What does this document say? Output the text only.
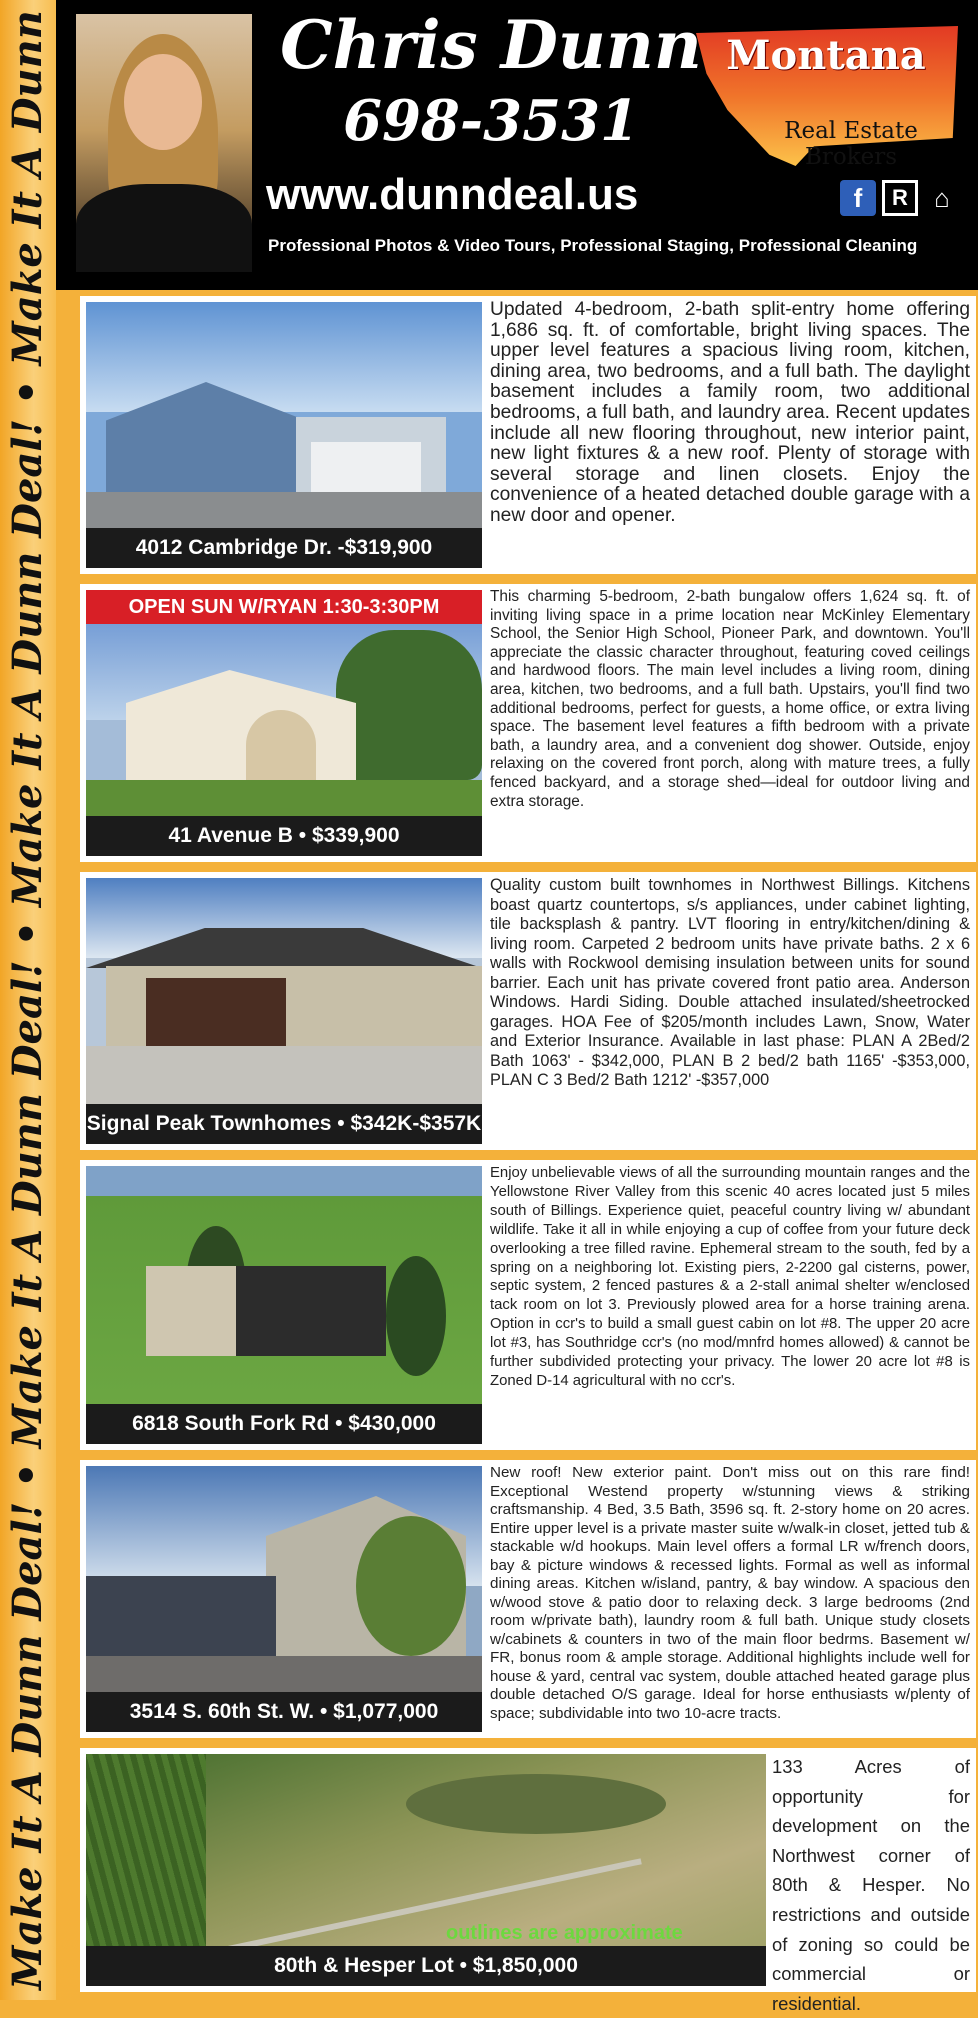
Make It A Dunn Deal! • Make It A Dunn Deal! • Make It A Dunn Deal! • Make It A Dunn	Chris Dunn
698-3531
www.dunndeal.us
Professional Photos & Video Tours, Professional Staging, Professional Cleaning
Montana
Real Estate Brokers
f R ⌂
4012 Cambridge Dr. -$319,900

Updated 4-bedroom, 2-bath split-entry home offering 1,686 sq. ft. of comfortable, bright living spaces. The upper level features a spacious living room, kitchen, dining area, two bedrooms, and a full bath. The daylight basement includes a family room, two additional bedrooms, a full bath, and laundry area. Recent updates include all new flooring throughout, new interior paint, new light fixtures & a new roof. Plenty of storage with several storage and linen closets. Enjoy the convenience of a heated detached double garage with a new door and opener.

OPEN SUN W/RYAN 1:30-3:30PM
41 Avenue B • $339,900

This charming 5-bedroom, 2-bath bungalow offers 1,624 sq. ft. of inviting living space in a prime location near McKinley Elementary School, the Senior High School, Pioneer Park, and downtown. You'll appreciate the classic character throughout, featuring coved ceilings and hardwood floors. The main level includes a living room, dining area, kitchen, two bedrooms, and a full bath. Upstairs, you'll find two additional bedrooms, perfect for guests, a home office, or extra living space. The basement level features a fifth bedroom with a private bath, a laundry area, and a convenient dog shower. Outside, enjoy relaxing on the covered front porch, along with mature trees, a fully fenced backyard, and a storage shed—ideal for outdoor living and extra storage.

Signal Peak Townhomes • $342K-$357K

Quality custom built townhomes in Northwest Billings. Kitchens boast quartz countertops, s/s appliances, under cabinet lighting, tile backsplash & pantry. LVT flooring in entry/kitchen/dining & living room. Carpeted 2 bedroom units have private baths. 2 x 6 walls with Rockwool demising insulation between units for sound barrier. Each unit has private covered front patio area. Anderson Windows. Hardi Siding. Double attached insulated/sheetrocked garages. HOA Fee of $205/month includes Lawn, Snow, Water and Exterior Insurance. Available in last phase: PLAN A 2Bed/2 Bath 1063' - $342,000, PLAN B 2 bed/2 bath 1165' -$353,000, PLAN C 3 Bed/2 Bath 1212' -$357,000

6818 South Fork Rd • $430,000

Enjoy unbelievable views of all the surrounding mountain ranges and the Yellowstone River Valley from this scenic 40 acres located just 5 miles south of Billings. Experience quiet, peaceful country living w/ abundant wildlife. Take it all in while enjoying a cup of coffee from your future deck overlooking a tree filled ravine. Ephemeral stream to the south, fed by a spring on a neighboring lot. Existing piers, 2-2200 gal cisterns, power, septic system, 2 fenced pastures & a 2-stall animal shelter w/enclosed tack room on lot 3. Previously plowed area for a horse training arena. Option in ccr's to build a small guest cabin on lot #8. The upper 20 acre lot #3, has Southridge ccr's (no mod/mnfrd homes allowed) & cannot be further subdivided protecting your privacy. The lower 20 acre lot #8 is Zoned D-14 agricultural with no ccr's.

3514 S. 60th St. W. • $1,077,000

New roof! New exterior paint. Don't miss out on this rare find! Exceptional Westend property w/stunning views & striking craftsmanship. 4 Bed, 3.5 Bath, 3596 sq. ft. 2-story home on 20 acres. Entire upper level is a private master suite w/walk-in closet, jetted tub & stackable w/d hookups. Main level offers a formal LR w/french doors, bay & picture windows & recessed lights. Formal as well as informal dining areas. Kitchen w/island, pantry, & bay window. A spacious den w/wood stove & patio door to relaxing deck. 3 large bedrooms (2nd room w/private bath), laundry room & full bath. Unique study closets w/cabinets & counters in two of the main floor bedrms. Basement w/ FR, bonus room & ample storage. Additional highlights include well for house & yard, central vac system, double attached heated garage plus double detached O/S garage. Ideal for horse enthusiasts w/plenty of space; subdividable into two 10-acre tracts.

outlines are approximate
80th & Hesper Lot • $1,850,000

133 Acres of opportunity for development on the Northwest corner of 80th & Hesper. No restrictions and outside of zoning so could be commercial or residential.
